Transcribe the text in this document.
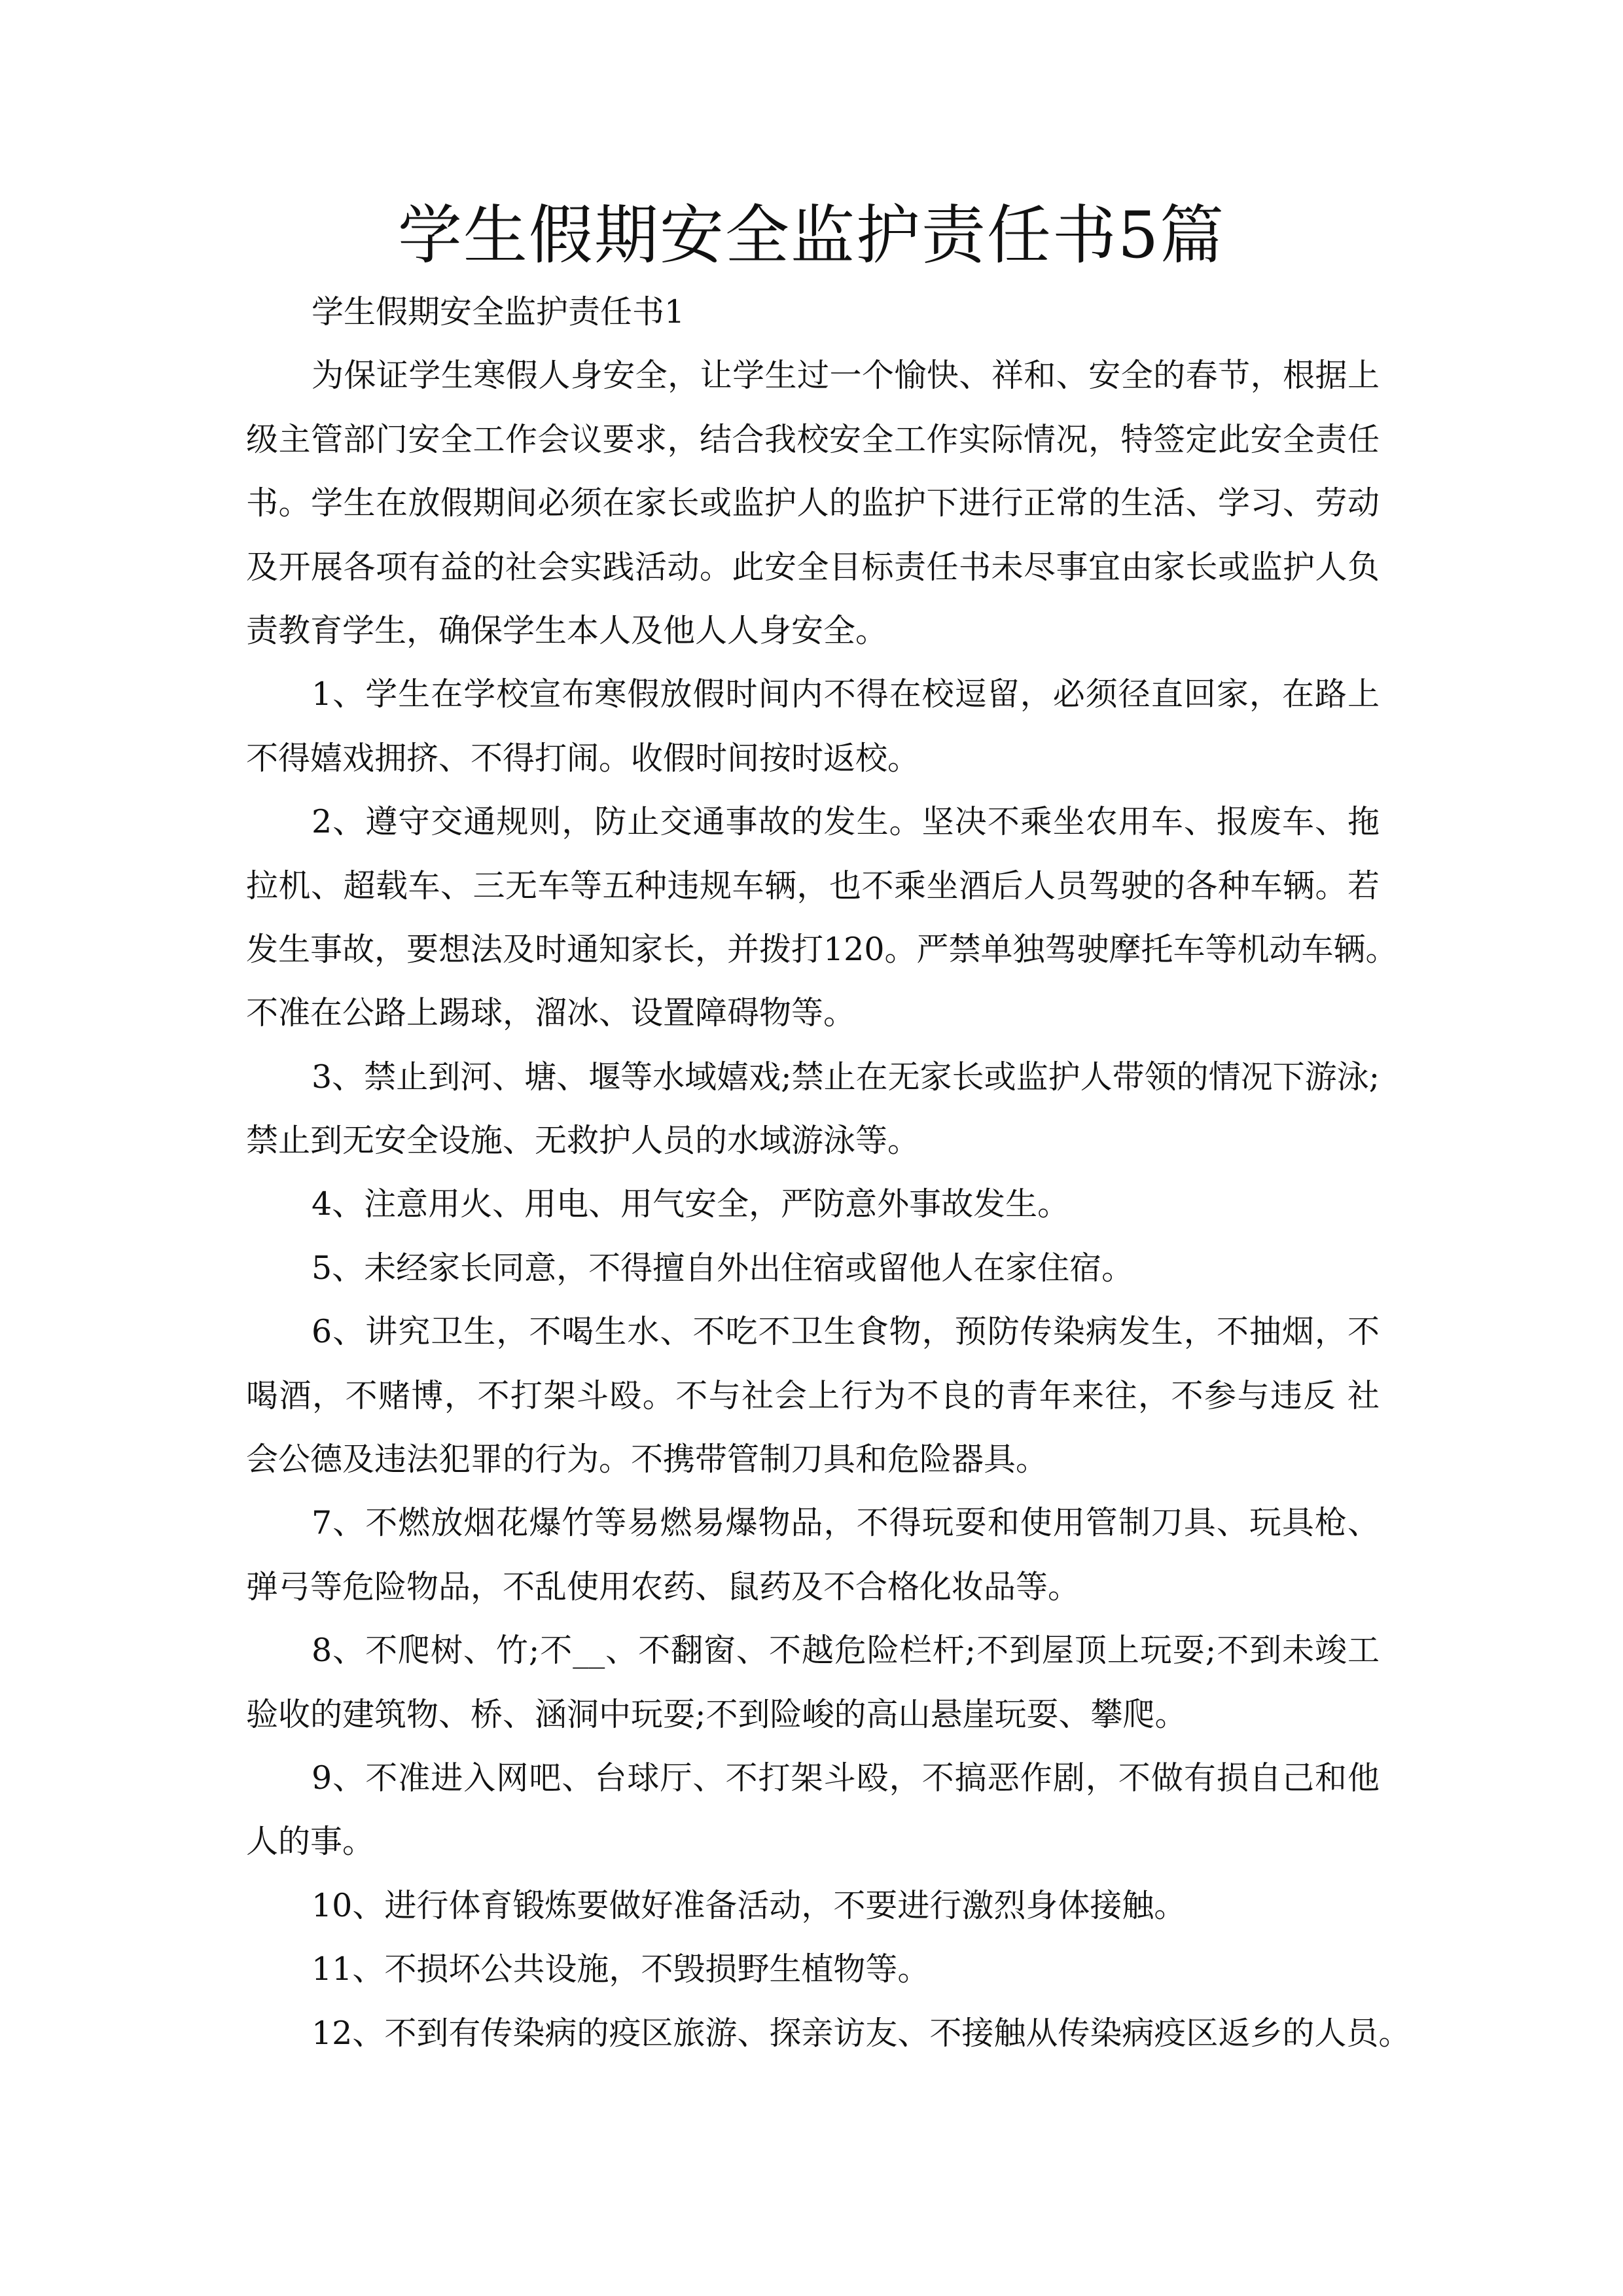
学生假期安全监护责任书5篇
学生假期安全监护责任书1
为保证学生寒假人身安全，让学生过一个愉快、祥和、安全的春节，根据上
级主管部门安全工作会议要求，结合我校安全工作实际情况，特签定此安全责任
书。学生在放假期间必须在家长或监护人的监护下进行正常的生活、学习、劳动
及开展各项有益的社会实践活动。此安全目标责任书未尽事宜由家长或监护人负
责教育学生，确保学生本人及他人人身安全。
1、学生在学校宣布寒假放假时间内不得在校逗留，必须径直回家，在路上
不得嬉戏拥挤、不得打闹。收假时间按时返校。
2、遵守交通规则，防止交通事故的发生。坚决不乘坐农用车、报废车、拖
拉机、超载车、三无车等五种违规车辆，也不乘坐酒后人员驾驶的各种车辆。若
发生事故，要想法及时通知家长，并拨打120。严禁单独驾驶摩托车等机动车辆。
不准在公路上踢球，溜冰、设置障碍物等。
3、禁止到河、塘、堰等水域嬉戏;禁止在无家长或监护人带领的情况下游泳;
禁止到无安全设施、无救护人员的水域游泳等。
4、注意用火、用电、用气安全，严防意外事故发生。
5、未经家长同意，不得擅自外出住宿或留他人在家住宿。
6、讲究卫生，不喝生水、不吃不卫生食物，预防传染病发生，不抽烟，不
喝酒，不赌博，不打架斗殴。不与社会上行为不良的青年来往，不参与违反 社
会公德及违法犯罪的行为。不携带管制刀具和危险器具。
7、不燃放烟花爆竹等易燃易爆物品，不得玩耍和使用管制刀具、玩具枪、
弹弓等危险物品，不乱使用农药、鼠药及不合格化妆品等。
8、不爬树、竹;不__、不翻窗、不越危险栏杆;不到屋顶上玩耍;不到未竣工
验收的建筑物、桥、涵洞中玩耍;不到险峻的高山悬崖玩耍、攀爬。
9、不准进入网吧、台球厅、不打架斗殴，不搞恶作剧，不做有损自己和他
人的事。
10、进行体育锻炼要做好准备活动，不要进行激烈身体接触。
11、不损坏公共设施，不毁损野生植物等。
12、不到有传染病的疫区旅游、探亲访友、不接触从传染病疫区返乡的人员。
